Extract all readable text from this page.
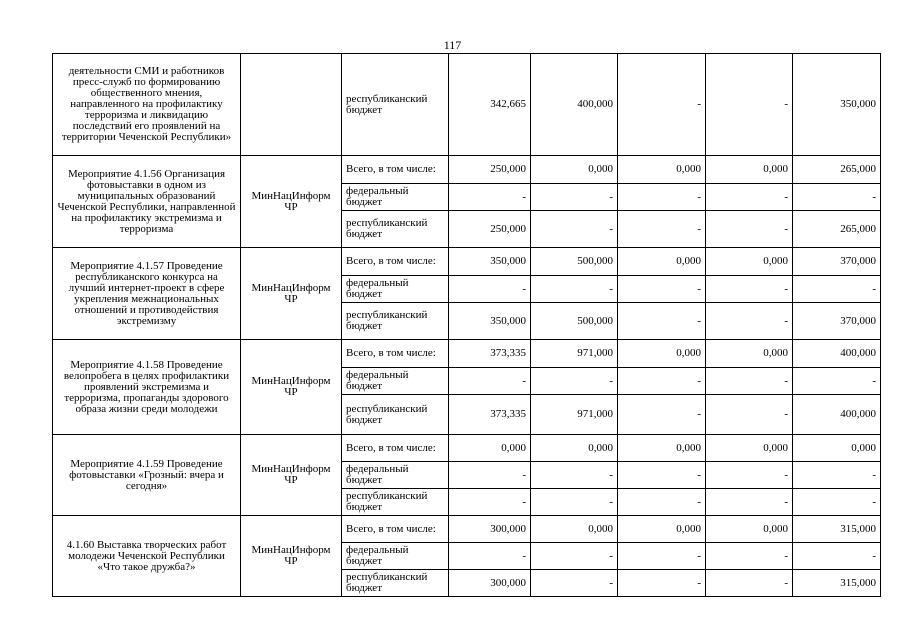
117
деятельности СМИ и работников пресс-служб по формированию общественного мнения, направленного на профилактику терроризма и ликвидацию последствий его проявлений на территории Чеченской Республики»		республиканский бюджет	342,665	400,000	-	-	350,000
Мероприятие 4.1.56 Организация фотовыставки в одном из муниципальных образований Чеченской Республики, направленной на профилактику экстремизма и терроризма	МинНацИнформ ЧР	Всего, в том числе:	250,000	0,000	0,000	0,000	265,000

		федеральный бюджет	-	-	-	-	-

		республиканский бюджет	250,000	-	-	-	265,000
Мероприятие 4.1.57 Проведение республиканского конкурса на лучший интернет-проект в сфере укрепления межнациональных отношений и противодействия экстремизму	МинНацИнформ ЧР	Всего, в том числе:	350,000	500,000	0,000	0,000	370,000

		федеральный бюджет	-	-	-	-	-

		республиканский бюджет	350,000	500,000	-	-	370,000
Мероприятие 4.1.58 Проведение велопробега в целях профилактики проявлений экстремизма и терроризма, пропаганды здорового образа жизни среди молодежи	МинНацИнформ ЧР	Всего, в том числе:	373,335	971,000	0,000	0,000	400,000

		федеральный бюджет	-	-	-	-	-

		республиканский бюджет	373,335	971,000	-	-	400,000
Мероприятие 4.1.59 Проведение фотовыставки «Грозный: вчера и сегодня»	МинНацИнформ ЧР	Всего, в том числе:	0,000	0,000	0,000	0,000	0,000

		федеральный бюджет	-	-	-	-	-

		республиканский бюджет	-	-	-	-	-
4.1.60 Выставка творческих работ молодежи Чеченской Республики «Что такое дружба?»	МинНацИнформ ЧР	Всего, в том числе:	300,000	0,000	0,000	0,000	315,000

		федеральный бюджет	-	-	-	-	-

		республиканский бюджет	300,000	-	-	-	315,000
